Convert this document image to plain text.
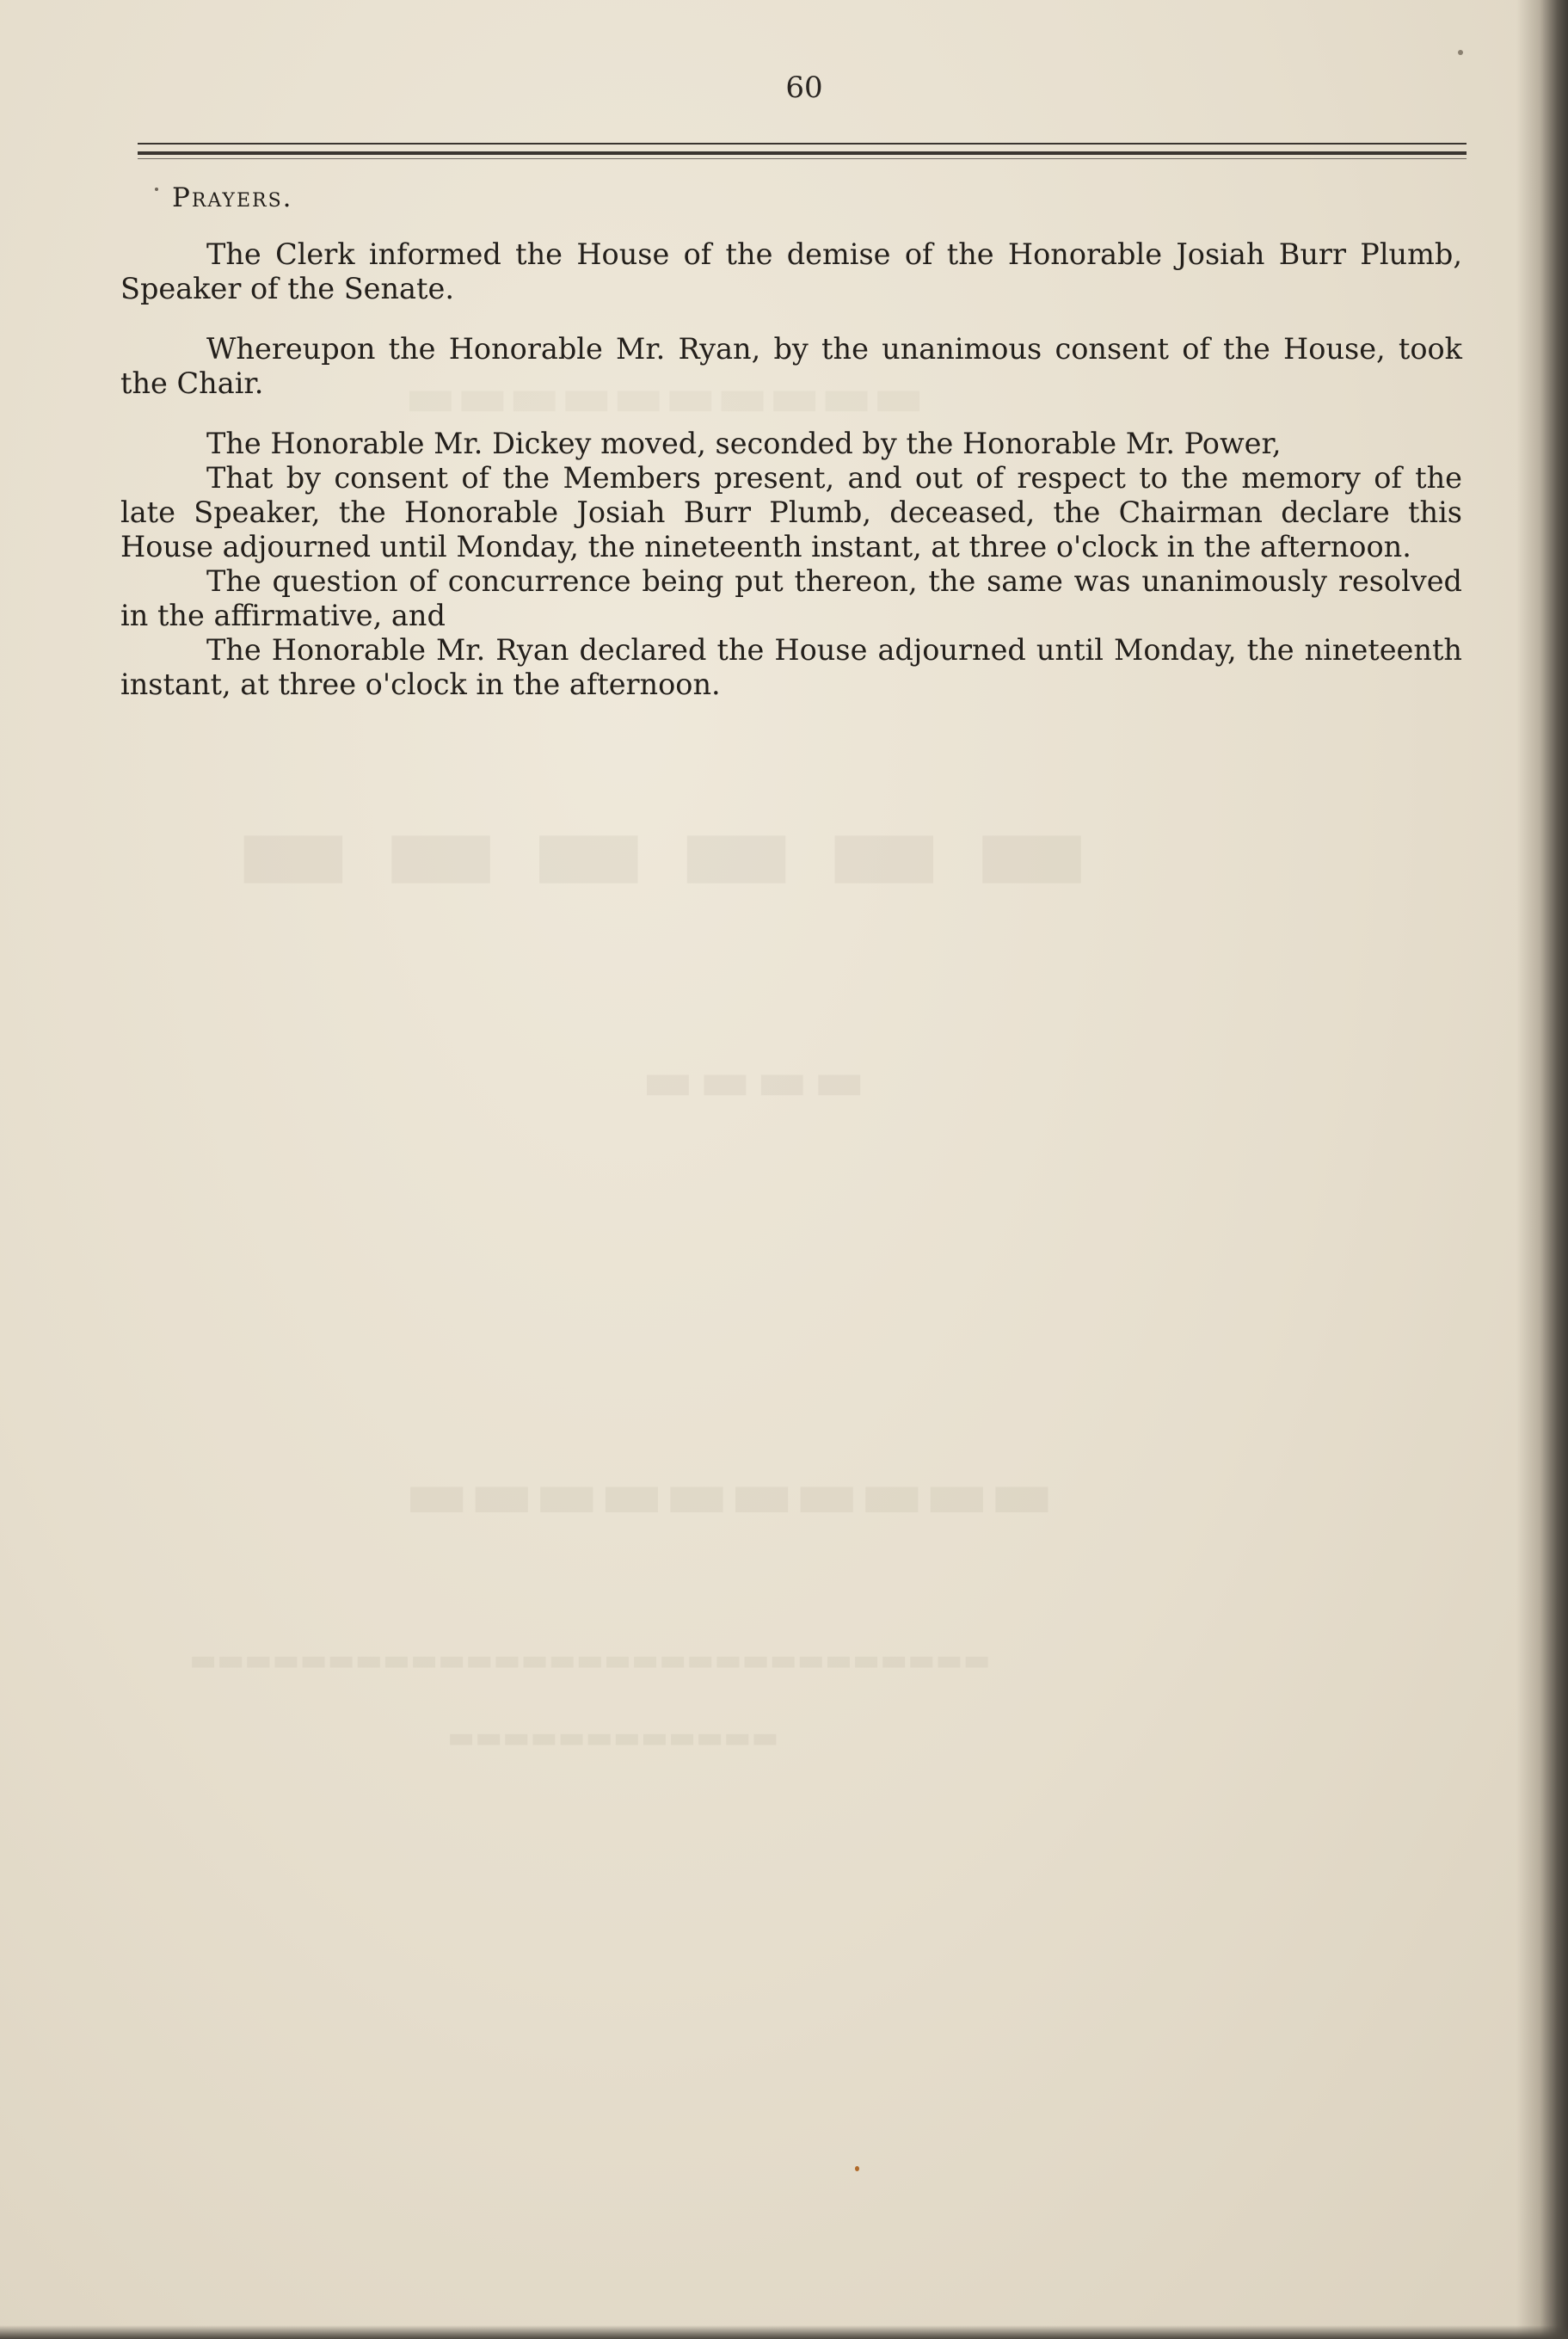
▬▬▬▬▬▬▬▬▬▬
▬▬▬▬▬▬
▬▬▬▬
▬▬▬▬▬▬▬▬▬▬
▬▬▬▬▬▬▬▬▬▬▬▬▬▬▬▬▬▬▬▬▬▬▬▬▬▬▬▬▬
▬▬▬▬▬▬▬▬▬▬▬▬
60
Prayers.

The Clerk informed the House of the demise of the Honorable Josiah Burr Plumb, Speaker of the Senate.

Whereupon the Honorable Mr. Ryan, by the unanimous consent of the House, took the Chair.

The Honorable Mr. Dickey moved, seconded by the Honorable Mr. Power,

That by consent of the Members present, and out of respect to the memory of the late Speaker, the Honorable Josiah Burr Plumb, deceased, the Chairman declare this House adjourned until Monday, the nineteenth instant, at three o'clock in the afternoon.

The question of concurrence being put thereon, the same was unanimously resolved in the affirmative, and

The Honorable Mr. Ryan declared the House adjourned until Monday, the nineteenth instant, at three o'clock in the afternoon.
